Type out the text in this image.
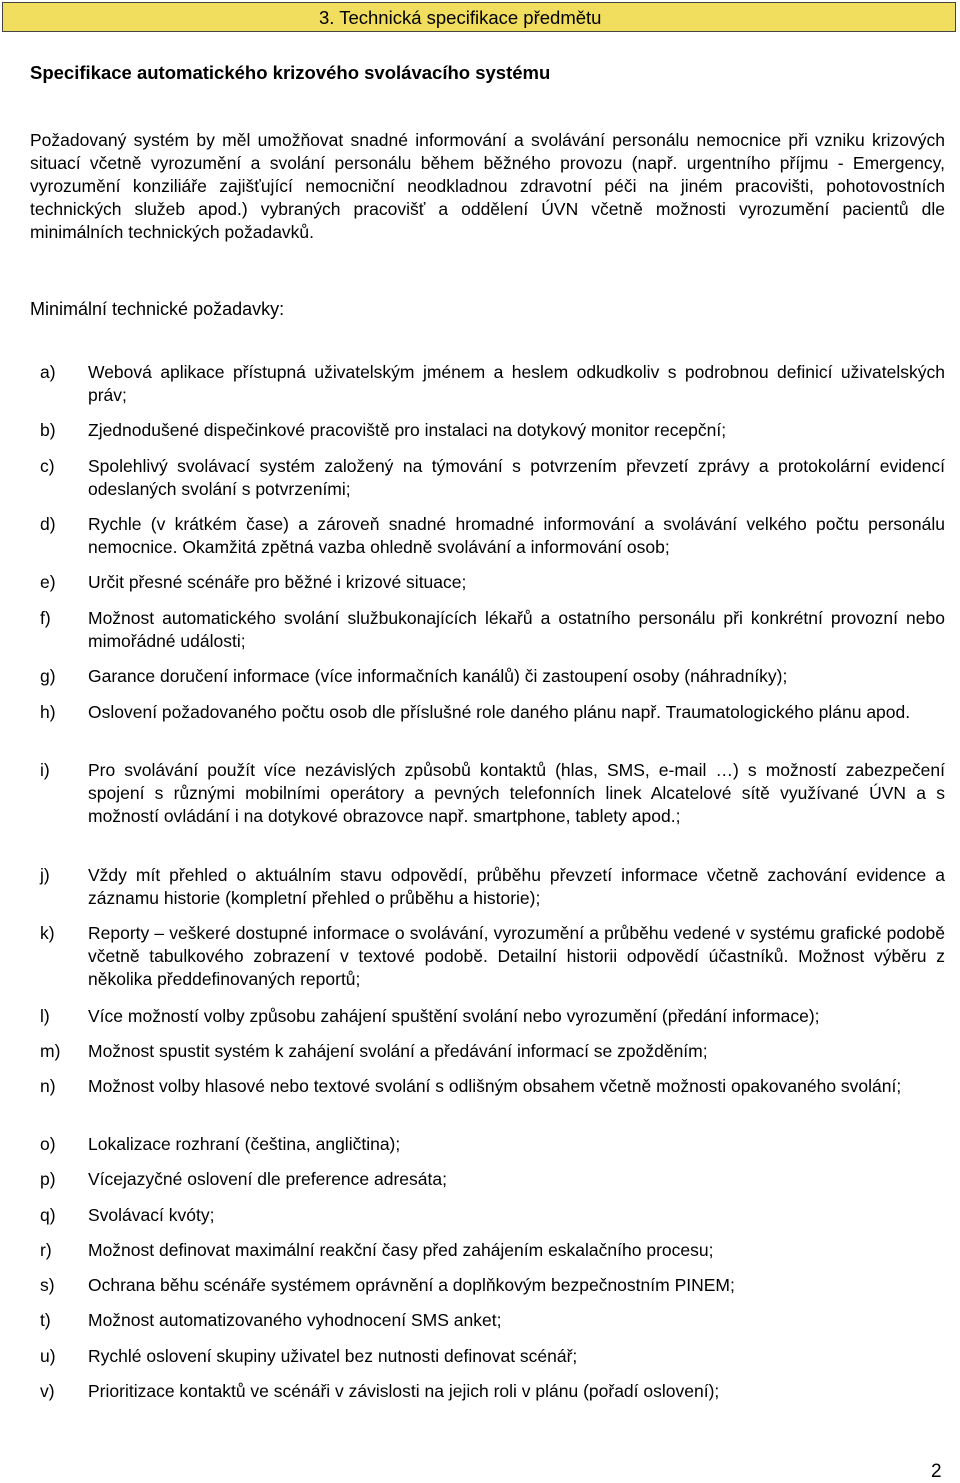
3. Technická specifikace předmětu
Specifikace automatického krizového svolávacího systému

Požadovaný systém by měl umožňovat snadné informování a svolávání personálu nemocnice při vzniku krizových situací včetně vyrozumění a svolání personálu během běžného provozu (např. urgentního příjmu - Emergency, vyrozumění konziliáře zajišťující nemocniční neodkladnou zdravotní péči na jiném pracovišti, pohotovostních technických služeb apod.) vybraných pracovišť a oddělení ÚVN včetně možnosti vyrozumění pacientů dle minimálních technických požadavků.

Minimální technické požadavky:
a) Webová aplikace přístupná uživatelským jménem a heslem odkudkoliv s podrobnou definicí uživatelských práv;
b) Zjednodušené dispečinkové pracoviště pro instalaci na dotykový monitor recepční;
c) Spolehlivý svolávací systém založený na týmování s potvrzením převzetí zprávy a protokolární evidencí odeslaných svolání s potvrzeními;
d) Rychle (v krátkém čase) a zároveň snadné hromadné informování a svolávání velkého počtu personálu nemocnice. Okamžitá zpětná vazba ohledně svolávání a informování osob;
e) Určit přesné scénáře pro běžné i krizové situace;
f) Možnost automatického svolání službukonajících lékařů a ostatního personálu při konkrétní provozní nebo mimořádné události;
g) Garance doručení informace (více informačních kanálů) či zastoupení osoby (náhradníky);
h) Oslovení požadovaného počtu osob dle příslušné role daného plánu např. Traumatologického plánu apod.
i) Pro svolávání použít více nezávislých způsobů kontaktů (hlas, SMS, e-mail …) s možností zabezpečení spojení s různými mobilními operátory a pevných telefonních linek Alcatelové sítě využívané ÚVN a s možností ovládání i na dotykové obrazovce např. smartphone, tablety apod.;
j) Vždy mít přehled o aktuálním stavu odpovědí, průběhu převzetí informace včetně zachování evidence a záznamu historie (kompletní přehled o průběhu a historie);
k) Reporty – veškeré dostupné informace o svolávání, vyrozumění a průběhu vedené v systému grafické podobě včetně tabulkového zobrazení v textové podobě. Detailní historii odpovědí účastníků. Možnost výběru z několika předdefinovaných reportů;
l) Více možností volby způsobu zahájení spuštění svolání nebo vyrozumění (předání informace);
m) Možnost spustit systém k zahájení svolání a předávání informací se zpožděním;
n) Možnost volby hlasové nebo textové svolání s odlišným obsahem včetně možnosti opakovaného svolání;
o) Lokalizace rozhraní (čeština, angličtina);
p) Vícejazyčné oslovení dle preference adresáta;
q) Svolávací kvóty;
r) Možnost definovat maximální reakční časy před zahájením eskalačního procesu;
s) Ochrana běhu scénáře systémem oprávnění a doplňkovým bezpečnostním PINEM;
t) Možnost automatizovaného vyhodnocení SMS anket;
u) Rychlé oslovení skupiny uživatel bez nutnosti definovat scénář;
v) Prioritizace kontaktů ve scénáři v závislosti na jejich roli v plánu (pořadí oslovení);
2
